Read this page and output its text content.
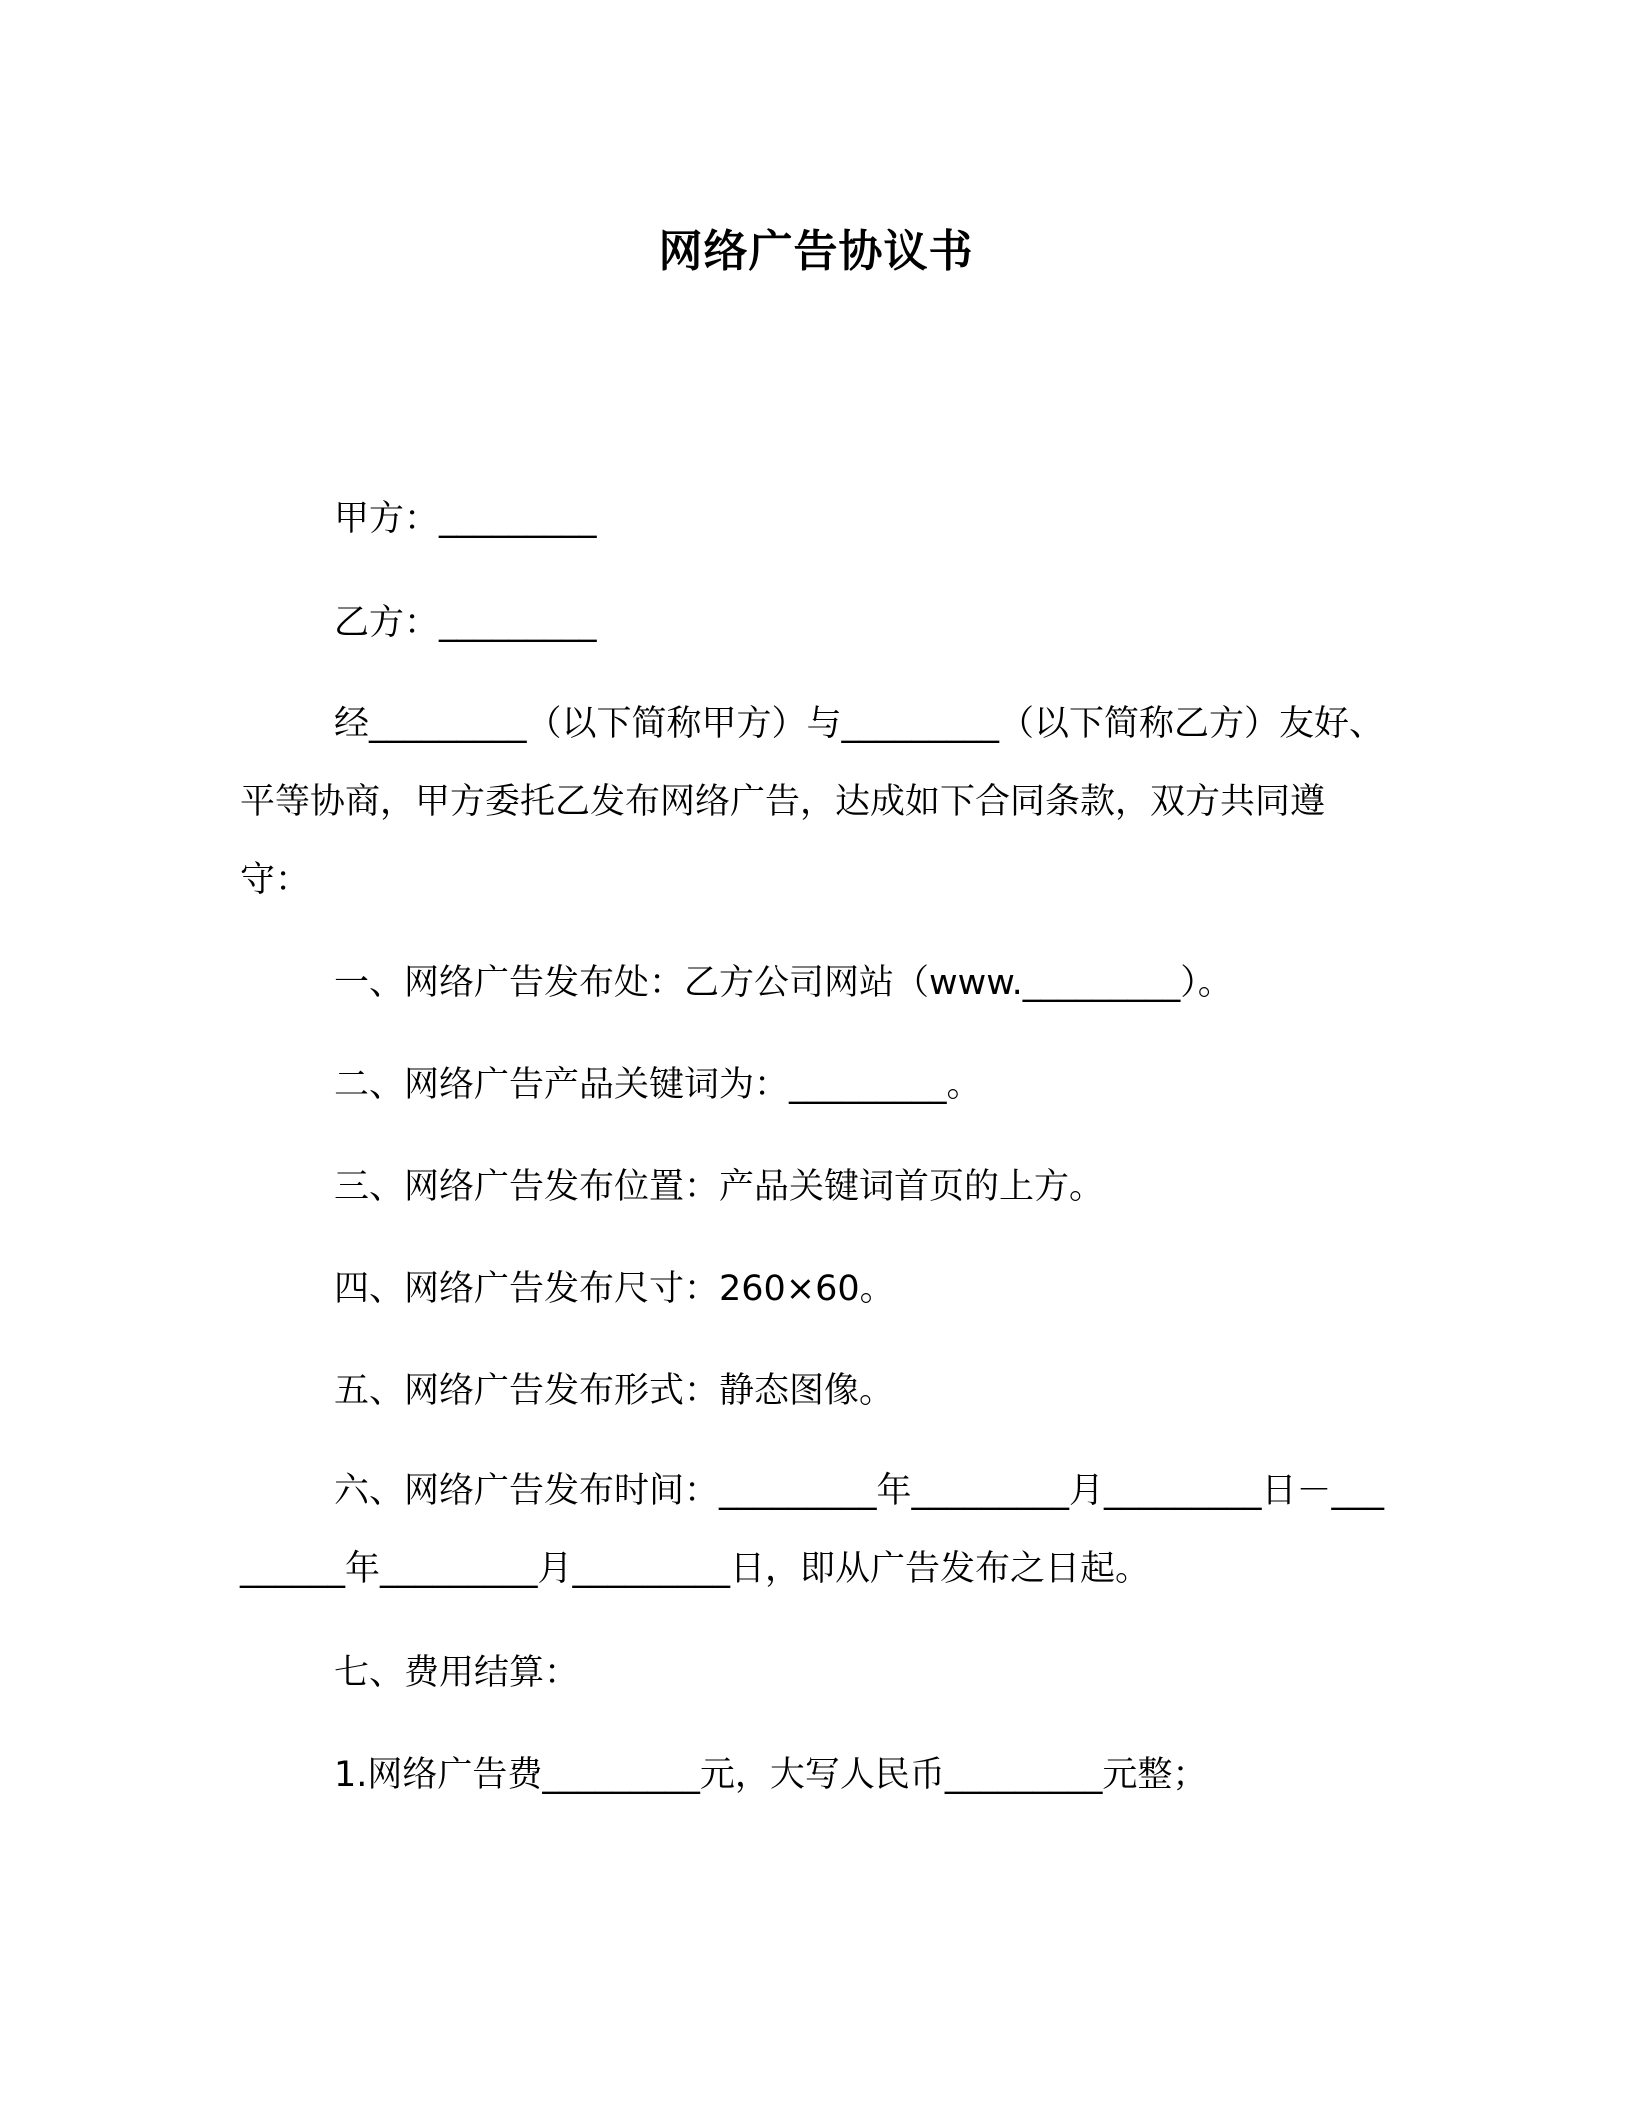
网络广告协议书
甲方：_________
乙方：_________
经_________（以下简称甲方）与_________（以下简称乙方）友好、平等协商，甲方委托乙发布网络广告，达成如下合同条款，双方共同遵守：
一、网络广告发布处：乙方公司网站（www._________）。
二、网络广告产品关键词为：_________。
三、网络广告发布位置：产品关键词首页的上方。
四、网络广告发布尺寸：260×60。
五、网络广告发布形式：静态图像。
六、网络广告发布时间：_________年_________月_________日－_________年_________月_________日，即从广告发布之日起。
七、费用结算：
1.网络广告费_________元，大写人民币_________元整；
